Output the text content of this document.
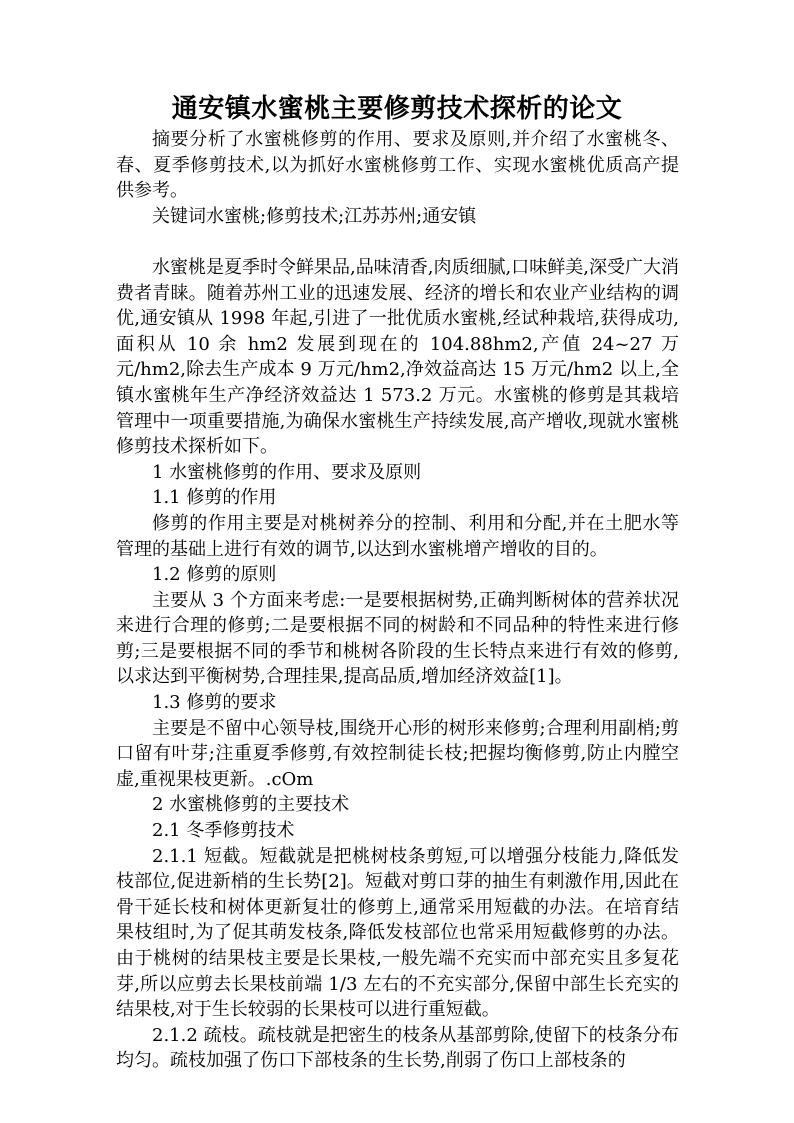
通安镇水蜜桃主要修剪技术探析的论文

摘要分析了水蜜桃修剪的作用、要求及原则,并介绍了水蜜桃冬、春、夏季修剪技术,以为抓好水蜜桃修剪工作、实现水蜜桃优质高产提供参考。

关键词水蜜桃;修剪技术;江苏苏州;通安镇

水蜜桃是夏季时令鲜果品,品味清香,肉质细腻,口味鲜美,深受广大消费者青睐。随着苏州工业的迅速发展、经济的增长和农业产业结构的调优,通安镇从 1998 年起,引进了一批优质水蜜桃,经试种栽培,获得成功,面积从 10 余 hm2 发展到现在的 104.88hm2,产值 24~27 万元/hm2,除去生产成本 9 万元/hm2,净效益高达 15 万元/hm2 以上,全镇水蜜桃年生产净经济效益达 1 573.2 万元。水蜜桃的修剪是其栽培管理中一项重要措施,为确保水蜜桃生产持续发展,高产增收,现就水蜜桃修剪技术探析如下。

1 水蜜桃修剪的作用、要求及原则

1.1 修剪的作用

修剪的作用主要是对桃树养分的控制、利用和分配,并在土肥水等管理的基础上进行有效的调节,以达到水蜜桃增产增收的目的。

1.2 修剪的原则

主要从 3 个方面来考虑:一是要根据树势,正确判断树体的营养状况来进行合理的修剪;二是要根据不同的树龄和不同品种的特性来进行修剪;三是要根据不同的季节和桃树各阶段的生长特点来进行有效的修剪,以求达到平衡树势,合理挂果,提高品质,增加经济效益[1]。

1.3 修剪的要求

主要是不留中心领导枝,围绕开心形的树形来修剪;合理利用副梢;剪口留有叶芽;注重夏季修剪,有效控制徒长枝;把握均衡修剪,防止内膛空虚,重视果枝更新。.cOm

2 水蜜桃修剪的主要技术

2.1 冬季修剪技术

2.1.1 短截。短截就是把桃树枝条剪短,可以增强分枝能力,降低发枝部位,促进新梢的生长势[2]。短截对剪口芽的抽生有刺激作用,因此在骨干延长枝和树体更新复壮的修剪上,通常采用短截的办法。在培育结果枝组时,为了促其萌发枝条,降低发枝部位也常采用短截修剪的办法。由于桃树的结果枝主要是长果枝,一般先端不充实而中部充实且多复花芽,所以应剪去长果枝前端 1/3 左右的不充实部分,保留中部生长充实的结果枝,对于生长较弱的长果枝可以进行重短截。

2.1.2 疏枝。疏枝就是把密生的枝条从基部剪除,使留下的枝条分布均匀。疏枝加强了伤口下部枝条的生长势,削弱了伤口上部枝条的
